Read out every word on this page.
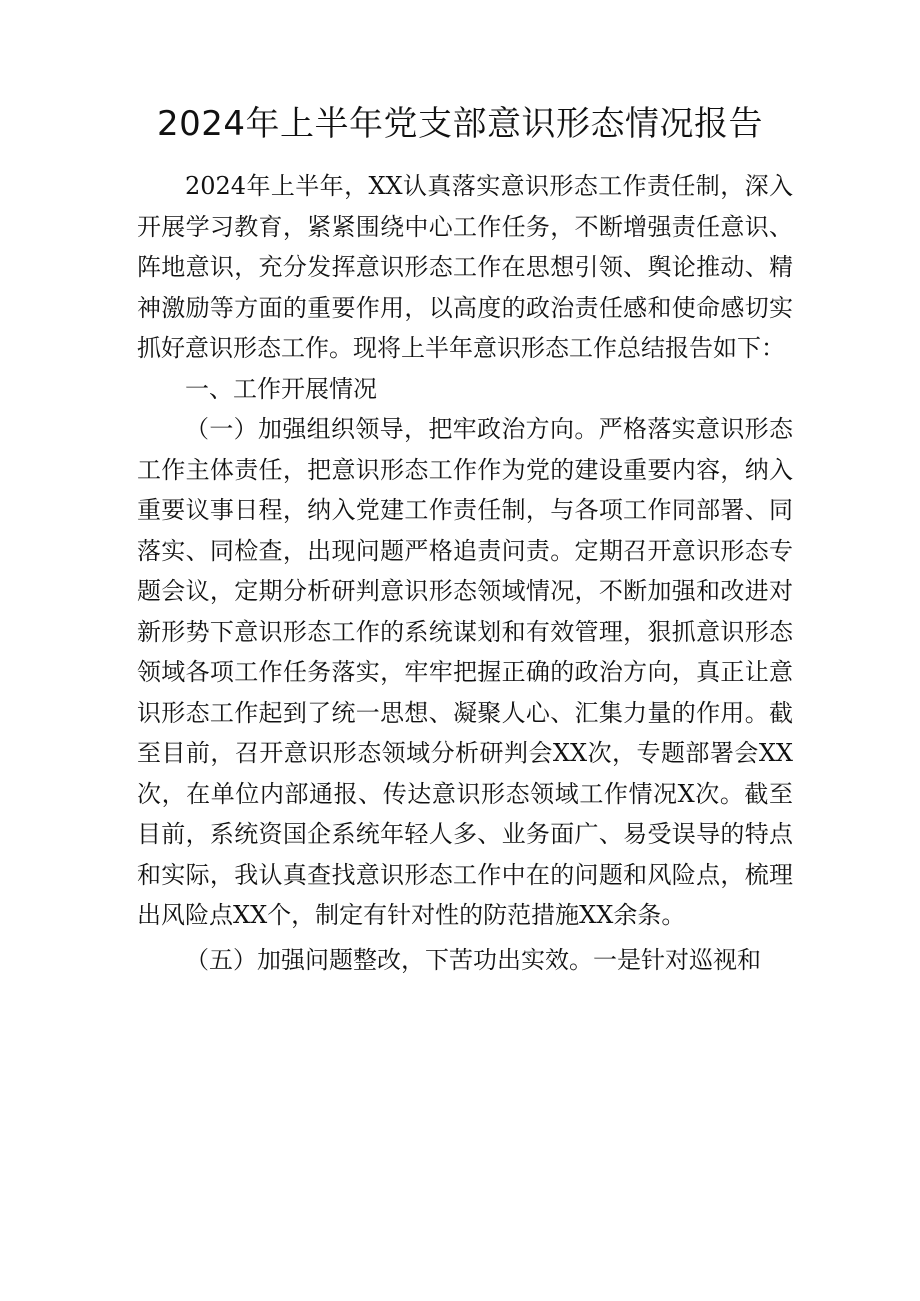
2024年上半年党支部意识形态情况报告

2024年上半年，XX认真落实意识形态工作责任制，深入开展学习教育，紧紧围绕中心工作任务，不断增强责任意识、阵地意识，充分发挥意识形态工作在思想引领、舆论推动、精神激励等方面的重要作用，以高度的政治责任感和使命感切实抓好意识形态工作。现将上半年意识形态工作总结报告如下：

一、工作开展情况

（一）加强组织领导，把牢政治方向。严格落实意识形态工作主体责任，把意识形态工作作为党的建设重要内容，纳入重要议事日程，纳入党建工作责任制，与各项工作同部署、同落实、同检查，出现问题严格追责问责。定期召开意识形态专题会议，定期分析研判意识形态领域情况，不断加强和改进对新形势下意识形态工作的系统谋划和有效管理，狠抓意识形态领域各项工作任务落实，牢牢把握正确的政治方向，真正让意识形态工作起到了统一思想、凝聚人心、汇集力量的作用。截至目前，召开意识形态领域分析研判会XX次，专题部署会XX次，在单位内部通报、传达意识形态领域工作情况X次。截至目前，系统资国企系统年轻人多、业务面广、易受误导的特点和实际，我认真查找意识形态工作中在的问题和风险点，梳理出风险点XX个，制定有针对性的防范措施XX余条。

（五）加强问题整改，下苦功出实效。一是针对巡视和
